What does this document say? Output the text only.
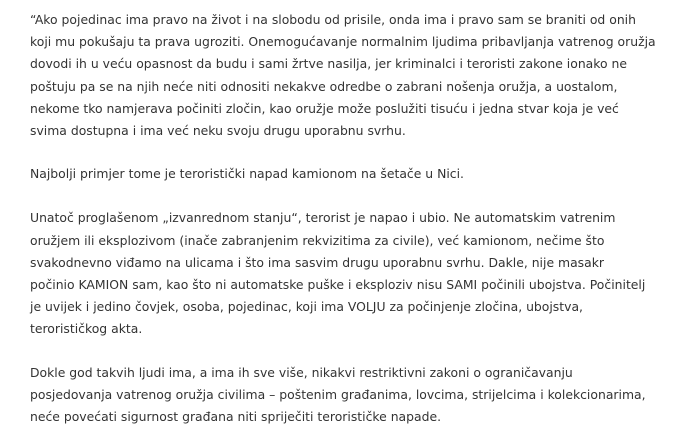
“Ako pojedinac ima pravo na život i na slobodu od prisile, onda ima i pravo sam se braniti od onih
koji mu pokušaju ta prava ugroziti. Onemogućavanje normalnim ljudima pribavljanja vatrenog oružja
dovodi ih u veću opasnost da budu i sami žrtve nasilja, jer kriminalci i teroristi zakone ionako ne
poštuju pa se na njih neće niti odnositi nekakve odredbe o zabrani nošenja oružja, a uostalom,
nekome tko namjerava počiniti zločin, kao oružje može poslužiti tisuću i jedna stvar koja je već
svima dostupna i ima već neku svoju drugu uporabnu svrhu.

Najbolji primjer tome je teroristički napad kamionom na šetače u Nici.

Unatoč proglašenom „izvanrednom stanju“, terorist je napao i ubio. Ne automatskim vatrenim
oružjem ili eksplozivom (inače zabranjenim rekvizitima za civile), već kamionom, nečime što
svakodnevno viđamo na ulicama i što ima sasvim drugu uporabnu svrhu. Dakle, nije masakr
počinio KAMION sam, kao što ni automatske puške i eksploziv nisu SAMI počinili ubojstva. Počinitelj
je uvijek i jedino čovjek, osoba, pojedinac, koji ima VOLJU za počinjenje zločina, ubojstva,
terorističkog akta.

Dokle god takvih ljudi ima, a ima ih sve više, nikakvi restriktivni zakoni o ograničavanju
posjedovanja vatrenog oružja civilima – poštenim građanima, lovcima, strijelcima i kolekcionarima,
neće povećati sigurnost građana niti spriječiti terorističke napade.
